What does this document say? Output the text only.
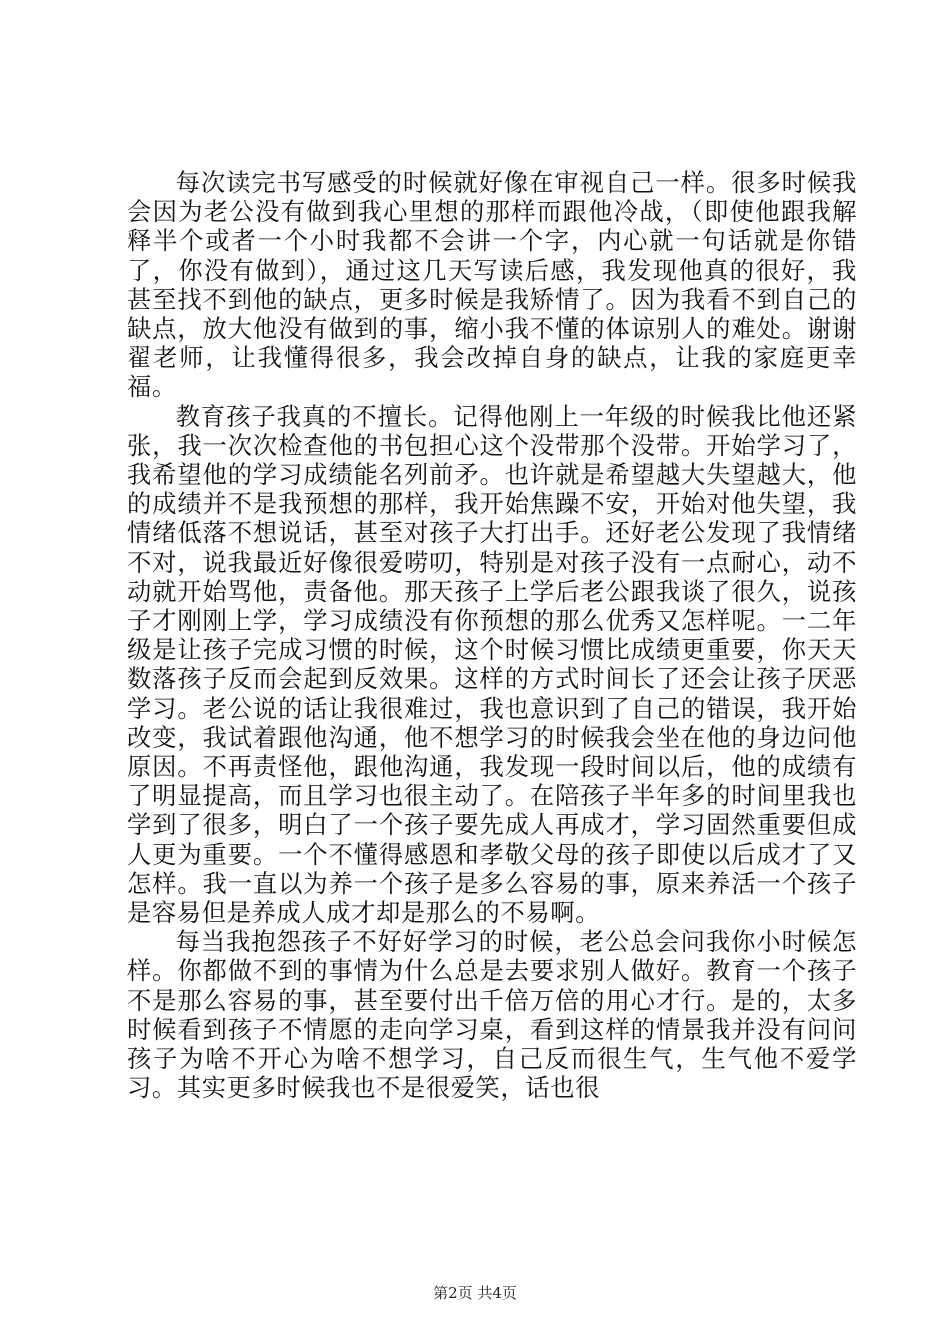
每次读完书写感受的时候就好像在审视自己一样。很多时候我会因为老公没有做到我心里想的那样而跟他冷战，（即使他跟我解释半个或者一个小时我都不会讲一个字，内心就一句话就是你错了，你没有做到），通过这几天写读后感，我发现他真的很好，我甚至找不到他的缺点，更多时候是我矫情了。因为我看不到自己的缺点，放大他没有做到的事，缩小我不懂的体谅别人的难处。谢谢翟老师，让我懂得很多，我会改掉自身的缺点，让我的家庭更幸福。

教育孩子我真的不擅长。记得他刚上一年级的时候我比他还紧张，我一次次检查他的书包担心这个没带那个没带。开始学习了，我希望他的学习成绩能名列前矛。也许就是希望越大失望越大，他的成绩并不是我预想的那样，我开始焦躁不安，开始对他失望，我情绪低落不想说话，甚至对孩子大打出手。还好老公发现了我情绪不对，说我最近好像很爱唠叨，特别是对孩子没有一点耐心，动不动就开始骂他，责备他。那天孩子上学后老公跟我谈了很久，说孩子才刚刚上学，学习成绩没有你预想的那么优秀又怎样呢。一二年级是让孩子完成习惯的时候，这个时候习惯比成绩更重要，你天天数落孩子反而会起到反效果。这样的方式时间长了还会让孩子厌恶学习。老公说的话让我很难过，我也意识到了自己的错误，我开始改变，我试着跟他沟通，他不想学习的时候我会坐在他的身边问他原因。不再责怪他，跟他沟通，我发现一段时间以后，他的成绩有了明显提高，而且学习也很主动了。在陪孩子半年多的时间里我也学到了很多，明白了一个孩子要先成人再成才，学习固然重要但成人更为重要。一个不懂得感恩和孝敬父母的孩子即使以后成才了又怎样。我一直以为养一个孩子是多么容易的事，原来养活一个孩子是容易但是养成人成才却是那么的不易啊。

每当我抱怨孩子不好好学习的时候，老公总会问我你小时候怎样。你都做不到的事情为什么总是去要求别人做好。教育一个孩子不是那么容易的事，甚至要付出千倍万倍的用心才行。是的，太多时候看到孩子不情愿的走向学习桌，看到这样的情景我并没有问问孩子为啥不开心为啥不想学习，自己反而很生气，生气他不爱学习。其实更多时候我也不是很爱笑，话也很

第2页 共4页
